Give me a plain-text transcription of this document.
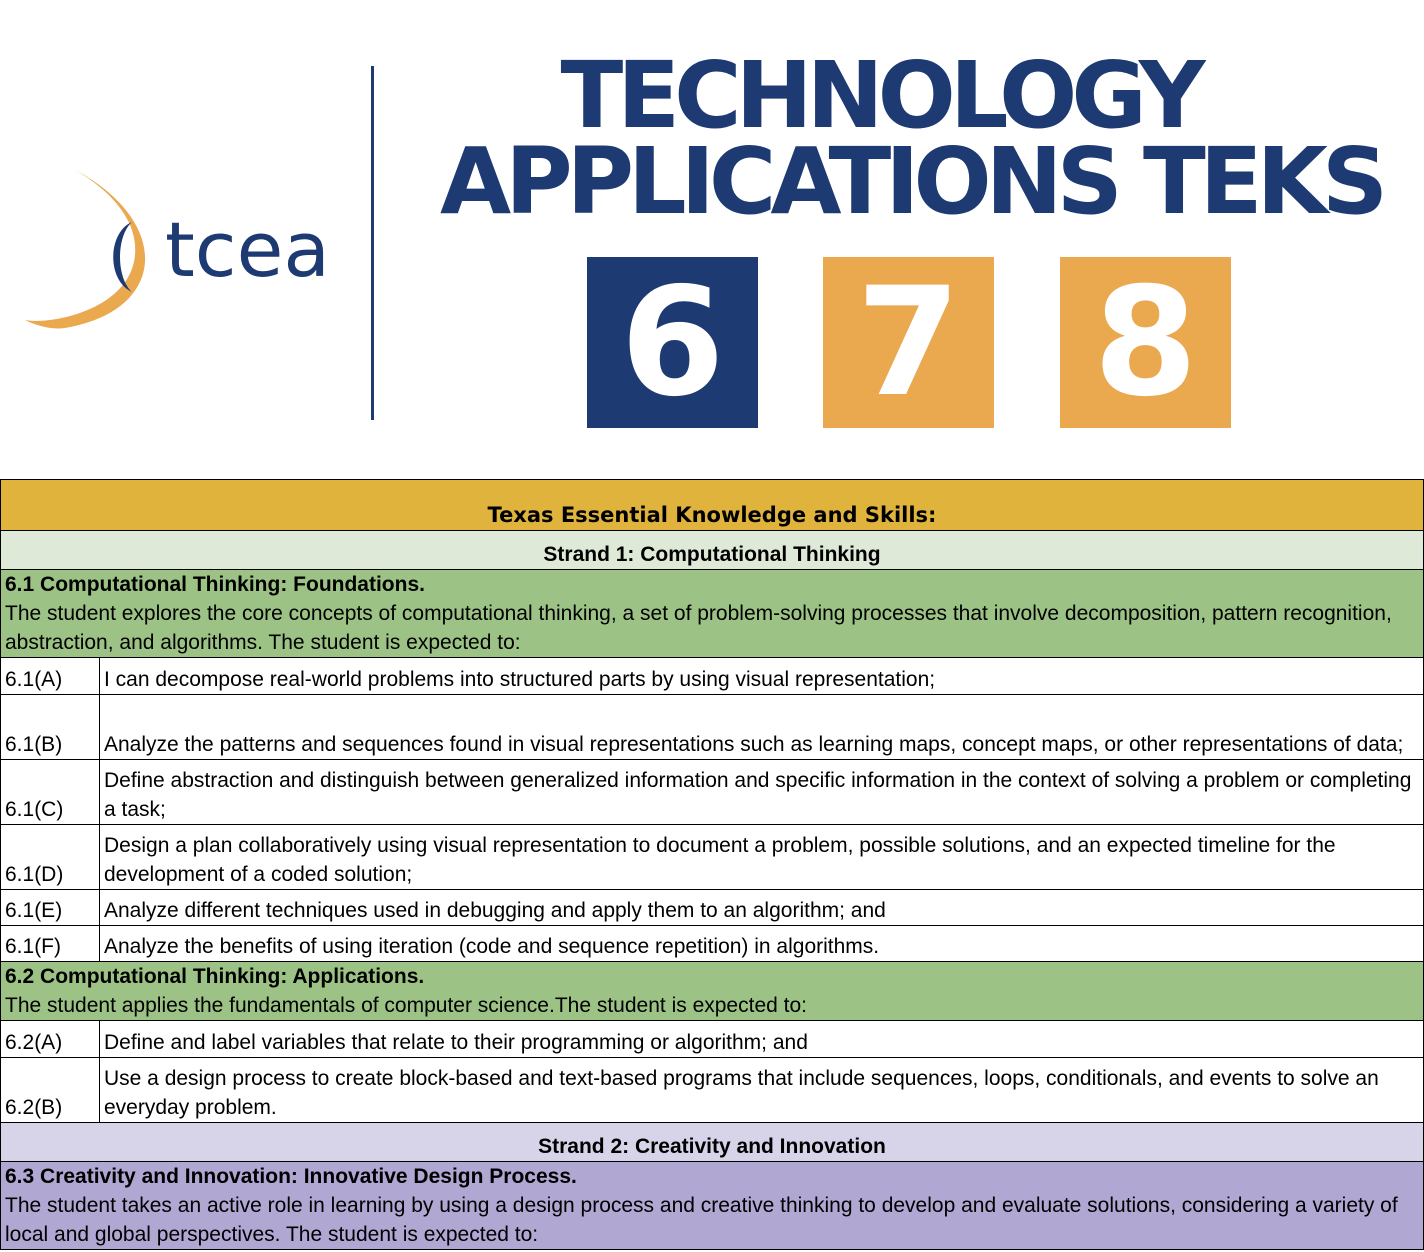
tcea
TECHNOLOGY
APPLICATIONS TEKS
6 7 8
Texas Essential Knowledge and Skills:	
Strand 1: Computational Thinking	

6.1 Computational Thinking: Foundations.
The student explores the core concepts of computational thinking, a set of problem-solving processes that involve decomposition, pattern recognition, abstraction, and algorithms. The student is expected to:	
6.1(A)	I can decompose real-world problems into structured parts by using visual representation;
6.1(B)	Analyze the patterns and sequences found in visual representations such as learning maps, concept maps, or other representations of data;
6.1(C)	Define abstraction and distinguish between generalized information and specific information in the context of solving a problem or completing a task;
6.1(D)	Design a plan collaboratively using visual representation to document a problem, possible solutions, and an expected timeline for the development of a coded solution;
6.1(E)	Analyze different techniques used in debugging and apply them to an algorithm; and
6.1(F)	Analyze the benefits of using iteration (code and sequence repetition) in algorithms.

6.2 Computational Thinking: Applications.
The student applies the fundamentals of computer science.The student is expected to:	
6.2(A)	Define and label variables that relate to their programming or algorithm; and
6.2(B)	Use a design process to create block-based and text-based programs that include sequences, loops, conditionals, and events to solve an everyday problem.
Strand 2: Creativity and Innovation	

6.3 Creativity and Innovation: Innovative Design Process.
The student takes an active role in learning by using a design process and creative thinking to develop and evaluate solutions, considering a variety of local and global perspectives. The student is expected to:	
